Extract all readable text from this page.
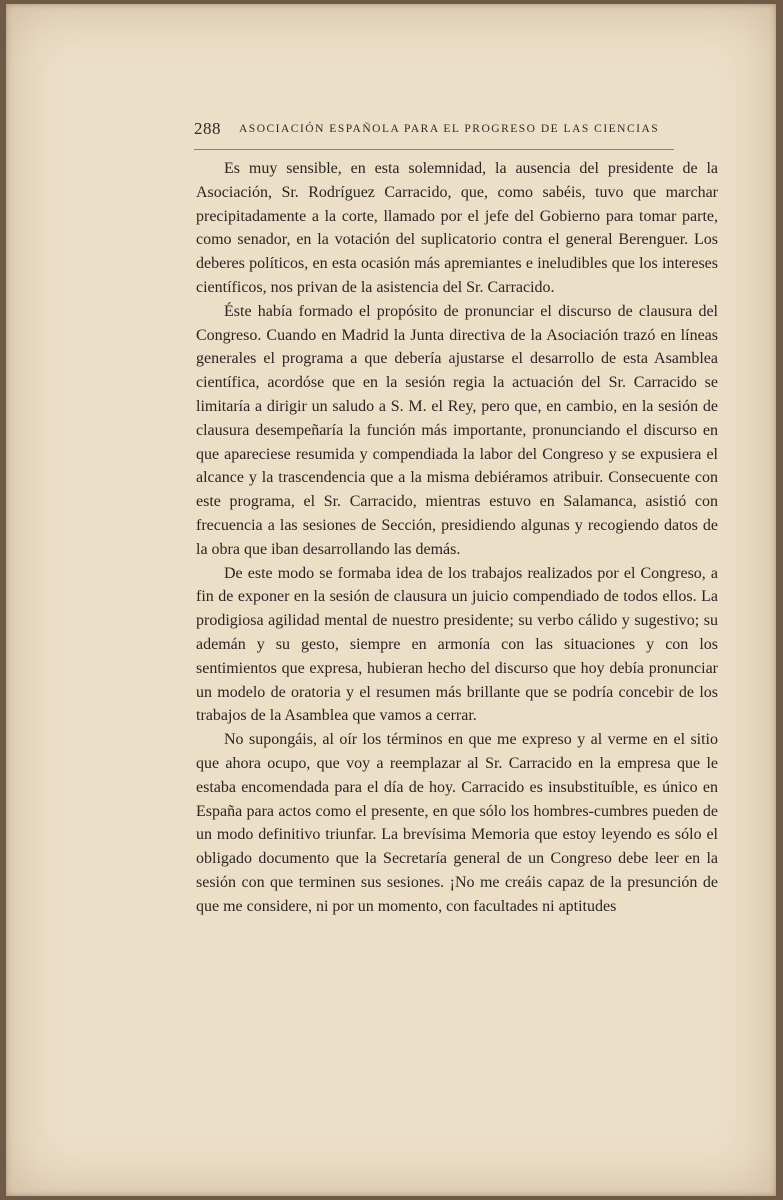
288 ASOCIACIÓN ESPAÑOLA PARA EL PROGRESO DE LAS CIENCIAS

Es muy sensible, en esta solemnidad, la ausencia del presidente de la Asociación, Sr. Rodríguez Carracido, que, como sabéis, tuvo que marchar precipitadamente a la corte, llamado por el jefe del Gobierno para tomar parte, como senador, en la votación del suplicatorio contra el general Berenguer. Los deberes políticos, en esta ocasión más apremiantes e ineludibles que los intereses científicos, nos privan de la asistencia del Sr. Carracido.

Éste había formado el propósito de pronunciar el discurso de clausura del Congreso. Cuando en Madrid la Junta directiva de la Asociación trazó en líneas generales el programa a que debería ajustarse el desarrollo de esta Asamblea científica, acordóse que en la sesión regia la actuación del Sr. Carracido se limitaría a dirigir un saludo a S. M. el Rey, pero que, en cambio, en la sesión de clausura desempeñaría la función más importante, pronunciando el discurso en que apareciese resumida y compendiada la labor del Congreso y se expusiera el alcance y la trascendencia que a la misma debiéramos atribuir. Consecuente con este programa, el Sr. Carracido, mientras estuvo en Salamanca, asistió con frecuencia a las sesiones de Sección, presidiendo algunas y recogiendo datos de la obra que iban desarrollando las demás.

De este modo se formaba idea de los trabajos realizados por el Congreso, a fin de exponer en la sesión de clausura un juicio compendiado de todos ellos. La prodigiosa agilidad mental de nuestro presidente; su verbo cálido y sugestivo; su ademán y su gesto, siempre en armonía con las situaciones y con los sentimientos que expresa, hubieran hecho del discurso que hoy debía pronunciar un modelo de oratoria y el resumen más brillante que se podría concebir de los trabajos de la Asamblea que vamos a cerrar.

No supongáis, al oír los términos en que me expreso y al verme en el sitio que ahora ocupo, que voy a reemplazar al Sr. Carracido en la empresa que le estaba encomendada para el día de hoy. Carracido es insubstituíble, es único en España para actos como el presente, en que sólo los hombres-cumbres pueden de un modo definitivo triunfar. La brevísima Memoria que estoy leyendo es sólo el obligado documento que la Secretaría general de un Congreso debe leer en la sesión con que terminen sus sesiones. ¡No me creáis capaz de la presunción de que me considere, ni por un momento, con facultades ni aptitudes
